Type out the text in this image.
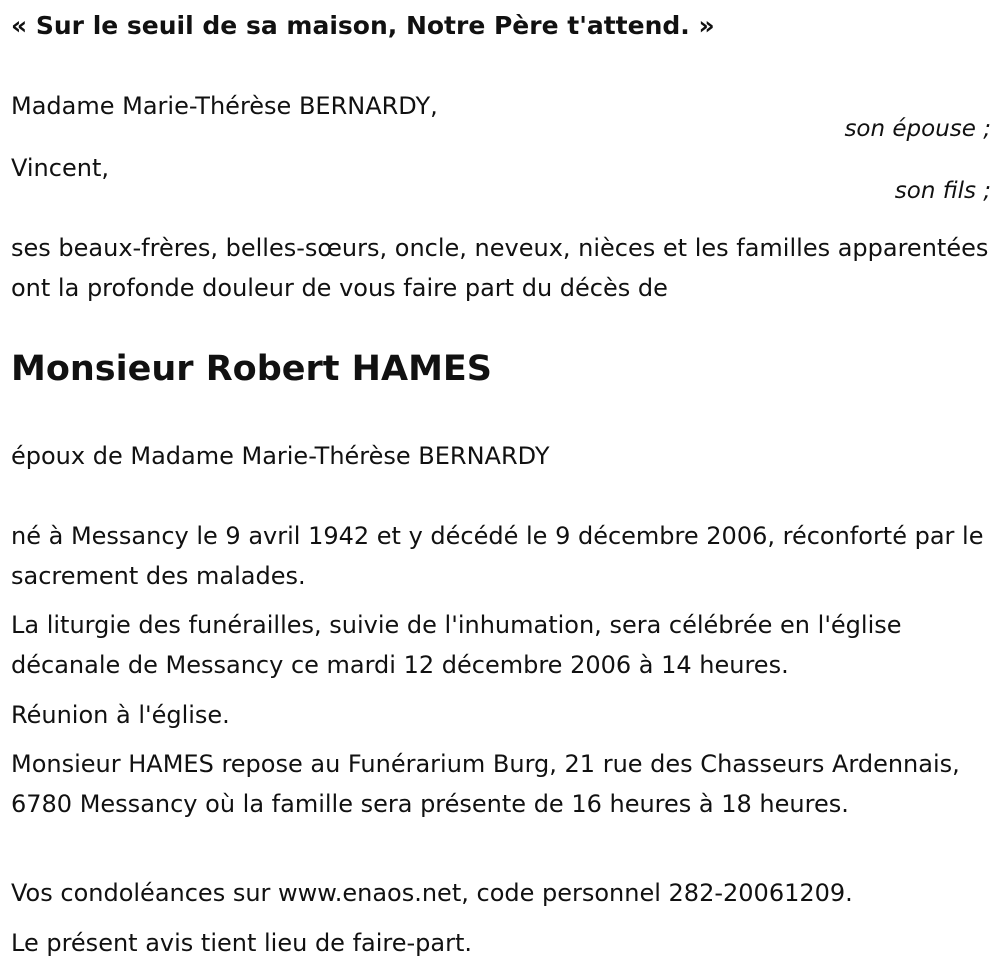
« Sur le seuil de sa maison, Notre Père t'attend. »
Madame Marie-Thérèse BERNARDY,
son épouse ;
Vincent,
son fils ;
ses beaux-frères, belles-sœurs, oncle, neveux, nièces et les familles apparentées ont la profonde douleur de vous faire part du décès de
Monsieur Robert HAMES
époux de Madame Marie-Thérèse BERNARDY
né à Messancy le 9 avril 1942 et y décédé le 9 décembre 2006, réconforté par le sacrement des malades.
La liturgie des funérailles, suivie de l'inhumation, sera célébrée en l'église décanale de Messancy ce mardi 12 décembre 2006 à 14 heures.
Réunion à l'église.
Monsieur HAMES repose au Funérarium Burg, 21 rue des Chasseurs Ardennais, 6780 Messancy où la famille sera présente de 16 heures à 18 heures.
Vos condoléances sur www.enaos.net, code personnel 282-20061209.
Le présent avis tient lieu de faire-part.
